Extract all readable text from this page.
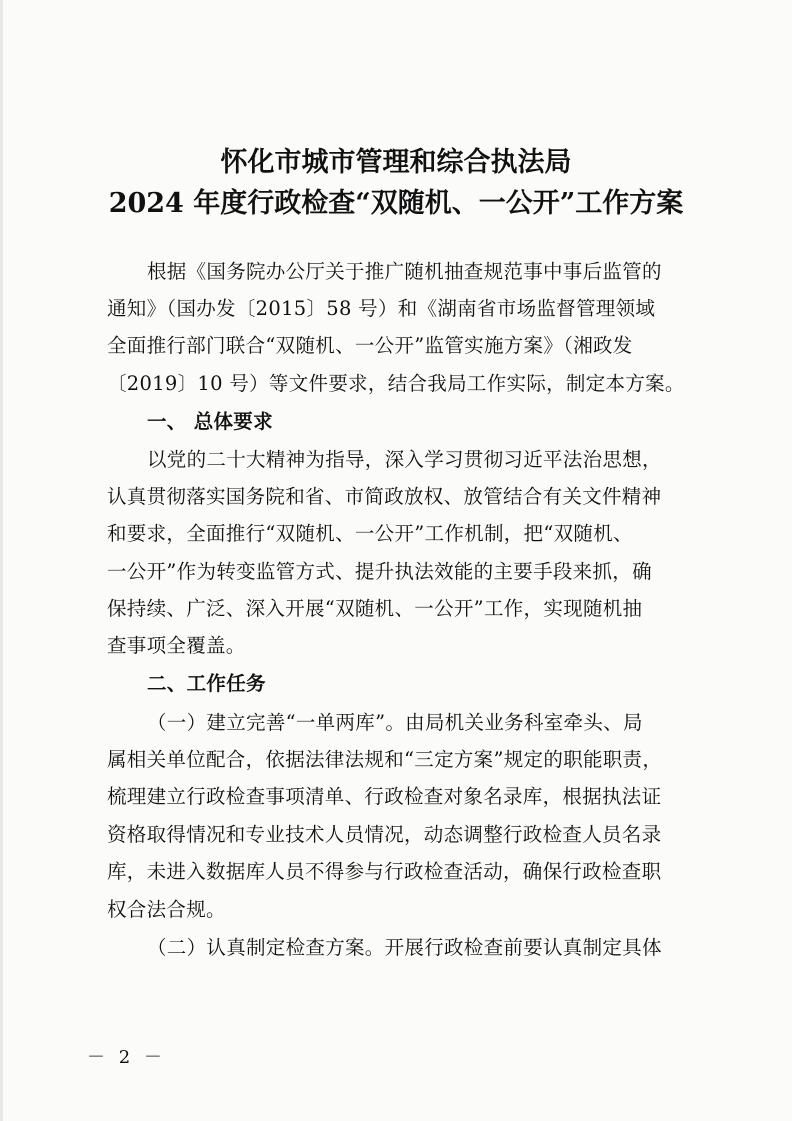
怀化市城市管理和综合执法局
2024 年度行政检查“双随机、一公开”工作方案
根据《国务院办公厅关于推广随机抽查规范事中事后监管的
通知》（国办发〔2015〕58 号）和《湖南省市场监督管理领域
全面推行部门联合“双随机、一公开”监管实施方案》（湘政发
〔2019〕10 号）等文件要求，结合我局工作实际，制定本方案。
一、 总体要求
以党的二十大精神为指导，深入学习贯彻习近平法治思想，
认真贯彻落实国务院和省、市简政放权、放管结合有关文件精神
和要求，全面推行“双随机、一公开”工作机制，把“双随机、
一公开”作为转变监管方式、提升执法效能的主要手段来抓，确
保持续、广泛、深入开展“双随机、一公开”工作，实现随机抽
查事项全覆盖。
二、工作任务
（一）建立完善“一单两库”。由局机关业务科室牵头、局
属相关单位配合，依据法律法规和“三定方案”规定的职能职责，
梳理建立行政检查事项清单、行政检查对象名录库，根据执法证
资格取得情况和专业技术人员情况，动态调整行政检查人员名录
库，未进入数据库人员不得参与行政检查活动，确保行政检查职
权合法合规。
（二）认真制定检查方案。开展行政检查前要认真制定具体
－ 2 －
